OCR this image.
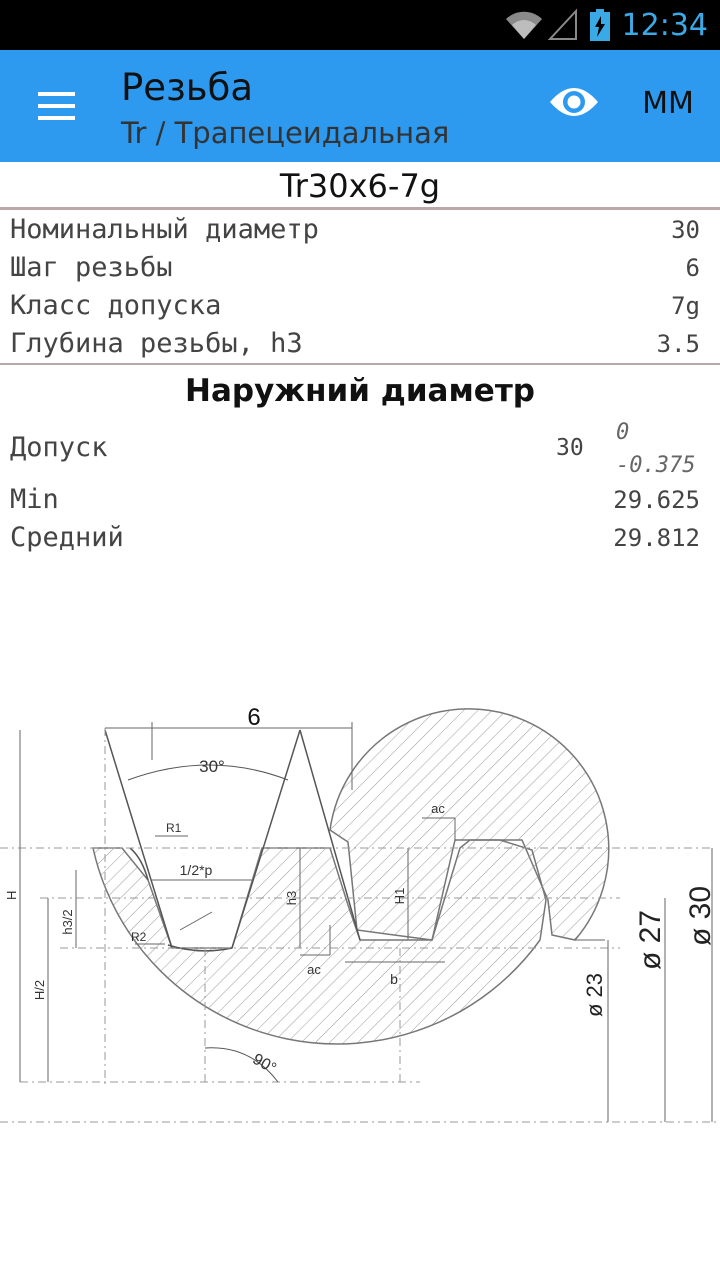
12:34
Резьба
Tr / Трапецеидальная
MM
Tr30x6-7g
Номинальный диаметр	30
Шаг резьбы	6
Класс допуска	7g
Глубина резьбы, h3	3.5
Наружний диаметр
Допуск	30
0
-0.375
Min	29.625
Средний	29.812
6
30°
R1
1/2*p
R2
ac
ac
b
90°
H
H/2
h3/2
h3	H1
ø 23
ø 27 ø 30
